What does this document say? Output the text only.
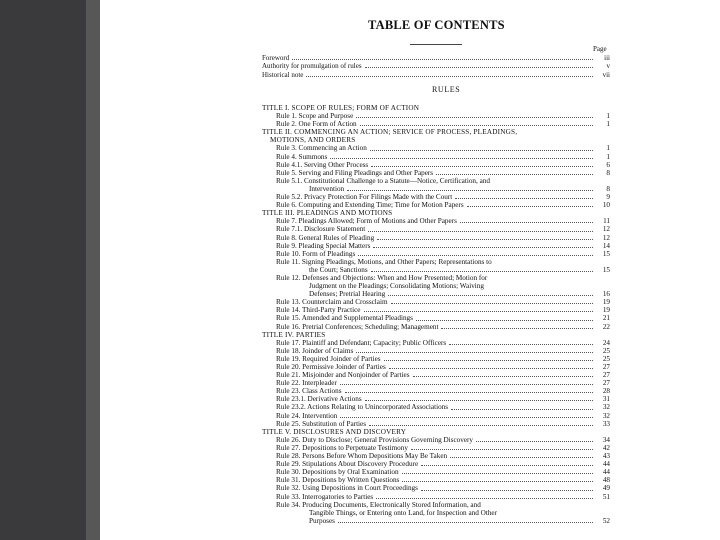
TABLE OF CONTENTS
Page
Foreword	iii
Authority for promulgation of rules	v
Historical note	vii
RULES
TITLE I. SCOPE OF RULES; FORM OF ACTION
Rule 1. Scope and Purpose	1
Rule 2. One Form of Action	1
TITLE II. COMMENCING AN ACTION; SERVICE OF PROCESS, PLEADINGS,
MOTIONS, AND ORDERS
Rule 3. Commencing an Action	1
Rule 4. Summons	1
Rule 4.1. Serving Other Process	6
Rule 5. Serving and Filing Pleadings and Other Papers	8
Rule 5.1. Constitutional Challenge to a Statute—Notice, Certification, and
Intervention	8
Rule 5.2. Privacy Protection For Filings Made with the Court	9
Rule 6. Computing and Extending Time; Time for Motion Papers	10
TITLE III. PLEADINGS AND MOTIONS
Rule 7. Pleadings Allowed; Form of Motions and Other Papers	11
Rule 7.1. Disclosure Statement	12
Rule 8. General Rules of Pleading	12
Rule 9. Pleading Special Matters	14
Rule 10. Form of Pleadings	15
Rule 11. Signing Pleadings, Motions, and Other Papers; Representations to
the Court; Sanctions	15
Rule 12. Defenses and Objections: When and How Presented; Motion for
Judgment on the Pleadings; Consolidating Motions; Waiving
Defenses; Pretrial Hearing	16
Rule 13. Counterclaim and Crossclaim	19
Rule 14. Third-Party Practice	19
Rule 15. Amended and Supplemental Pleadings	21
Rule 16. Pretrial Conferences; Scheduling; Management	22
TITLE IV. PARTIES
Rule 17. Plaintiff and Defendant; Capacity; Public Officers	24
Rule 18. Joinder of Claims	25
Rule 19. Required Joinder of Parties	25
Rule 20. Permissive Joinder of Parties	27
Rule 21. Misjoinder and Nonjoinder of Parties	27
Rule 22. Interpleader	27
Rule 23. Class Actions	28
Rule 23.1. Derivative Actions	31
Rule 23.2. Actions Relating to Unincorporated Associations	32
Rule 24. Intervention	32
Rule 25. Substitution of Parties	33
TITLE V. DISCLOSURES AND DISCOVERY
Rule 26. Duty to Disclose; General Provisions Governing Discovery	34
Rule 27. Depositions to Perpetuate Testimony	42
Rule 28. Persons Before Whom Depositions May Be Taken	43
Rule 29. Stipulations About Discovery Procedure	44
Rule 30. Depositions by Oral Examination	44
Rule 31. Depositions by Written Questions	48
Rule 32. Using Depositions in Court Proceedings	49
Rule 33. Interrogatories to Parties	51
Rule 34. Producing Documents, Electronically Stored Information, and
Tangible Things, or Entering onto Land, for Inspection and Other
Purposes	52
